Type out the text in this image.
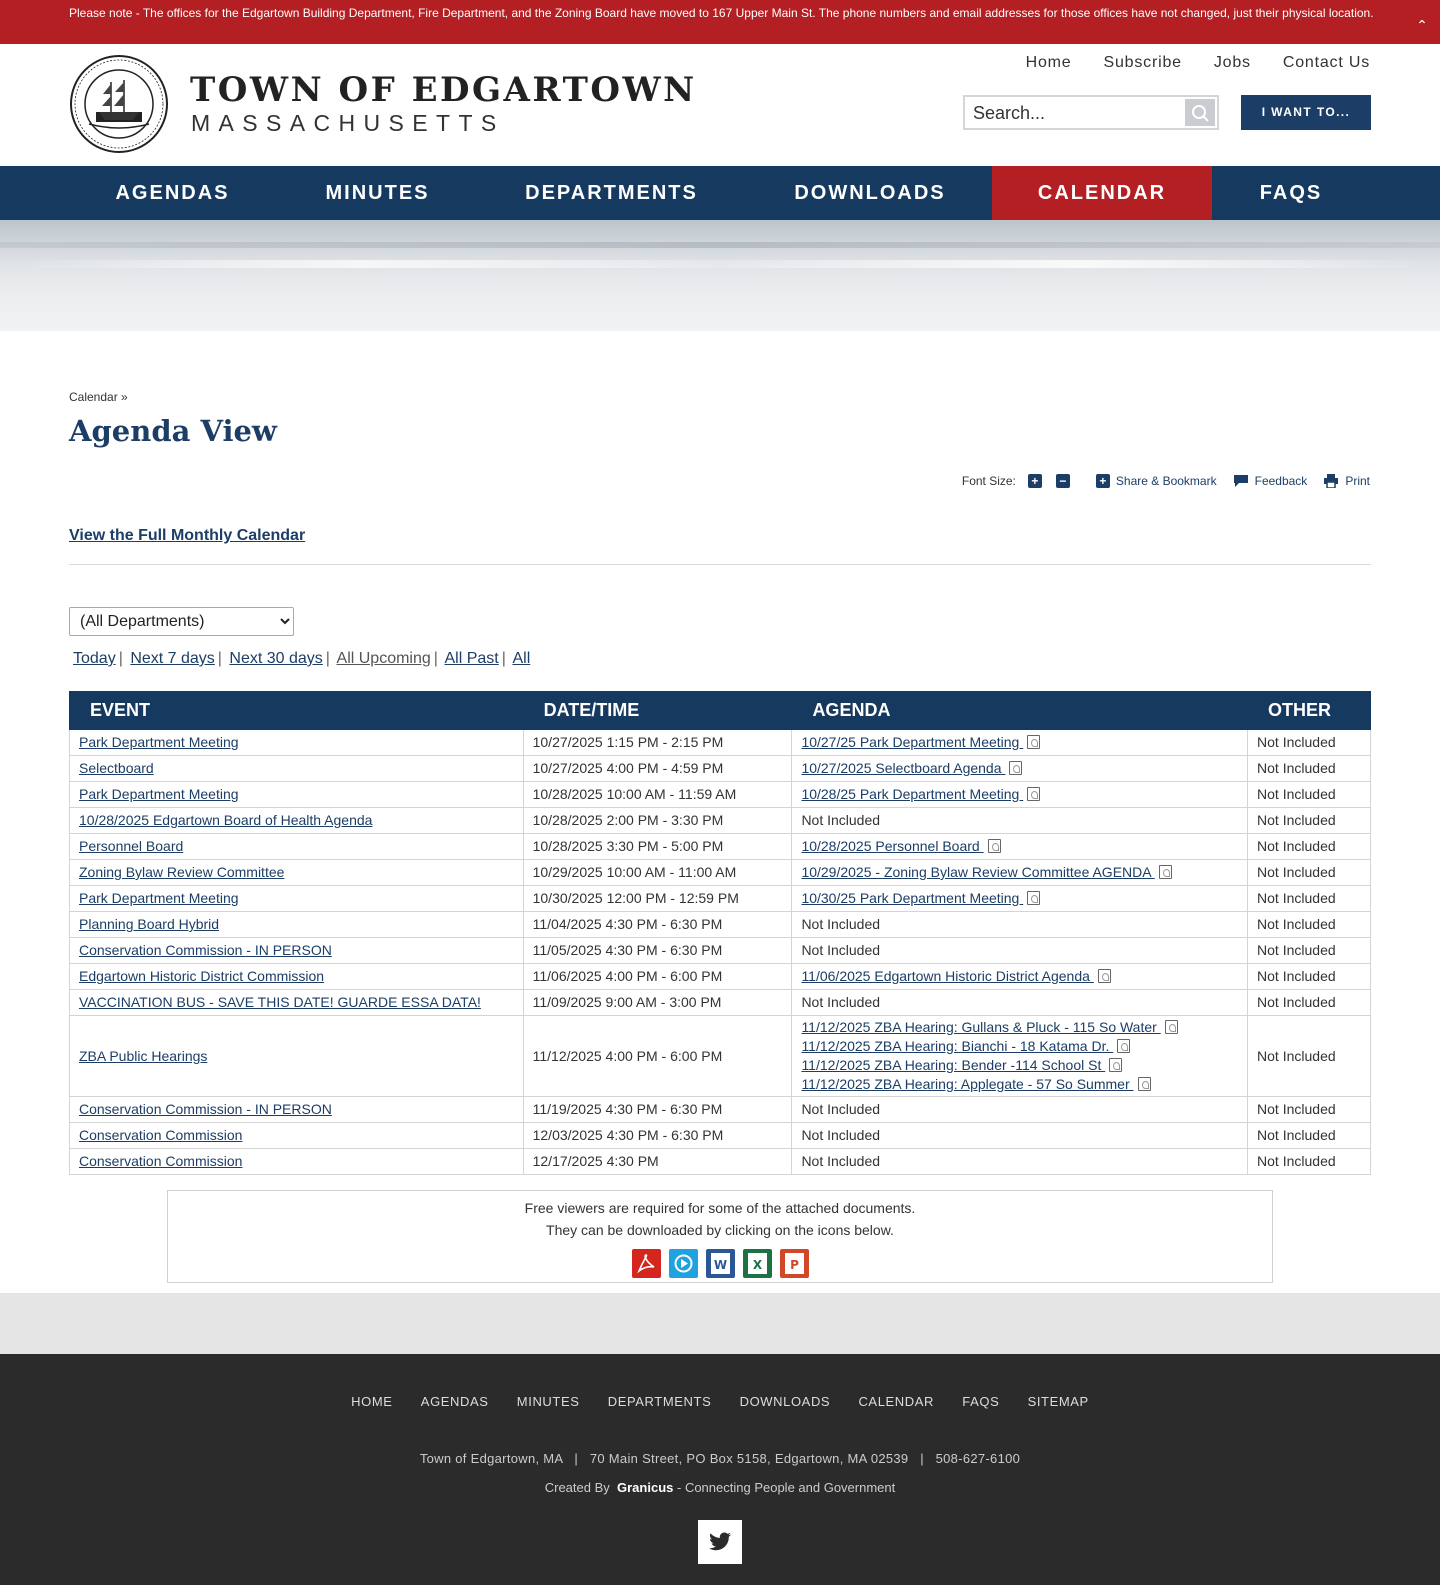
Please note - The offices for the Edgartown Building Department, Fire Department, and the Zoning Board have moved to 167 Upper Main St. The phone numbers and email addresses for those offices have not changed, just their physical location.
⌃
TOWN OF EDGARTOWN
MASSACHUSETTS
Home Subscribe Jobs Contact Us
Search...
I WANT TO...
AGENDAS	MINUTES	DEPARTMENTS	DOWNLOADS	CALENDAR	FAQS
Calendar »
Agenda View
Font Size: + −	+ Share & Bookmark	Feedback	Print
View the Full Monthly Calendar
(All Departments)
Today | Next 7 days | Next 30 days | All Upcoming | All Past | All
EVENT	DATE/TIME	AGENDA	OTHER
Park Department Meeting	10/27/2025 1:15 PM - 2:15 PM	10/27/25 Park Department Meeting	Not Included
Selectboard	10/27/2025 4:00 PM - 4:59 PM	10/27/2025 Selectboard Agenda	Not Included
Park Department Meeting	10/28/2025 10:00 AM - 11:59 AM	10/28/25 Park Department Meeting	Not Included
10/28/2025 Edgartown Board of Health Agenda	10/28/2025 2:00 PM - 3:30 PM	Not Included	Not Included
Personnel Board	10/28/2025 3:30 PM - 5:00 PM	10/28/2025 Personnel Board	Not Included
Zoning Bylaw Review Committee	10/29/2025 10:00 AM - 11:00 AM	10/29/2025 - Zoning Bylaw Review Committee AGENDA	Not Included
Park Department Meeting	10/30/2025 12:00 PM - 12:59 PM	10/30/25 Park Department Meeting	Not Included
Planning Board Hybrid	11/04/2025 4:30 PM - 6:30 PM	Not Included	Not Included
Conservation Commission - IN PERSON	11/05/2025 4:30 PM - 6:30 PM	Not Included	Not Included
Edgartown Historic District Commission	11/06/2025 4:00 PM - 6:00 PM	11/06/2025 Edgartown Historic District Agenda	Not Included
VACCINATION BUS - SAVE THIS DATE! GUARDE ESSA DATA!	11/09/2025 9:00 AM - 3:00 PM	Not Included	Not Included
ZBA Public Hearings	11/12/2025 4:00 PM - 6:00 PM	11/12/2025 ZBA Hearing: Gullans & Pluck - 115 So Water
11/12/2025 ZBA Hearing: Bianchi - 18 Katama Dr.
11/12/2025 ZBA Hearing: Bender -114 School St
11/12/2025 ZBA Hearing: Applegate - 57 So Summer	Not Included
Conservation Commission - IN PERSON	11/19/2025 4:30 PM - 6:30 PM	Not Included	Not Included
Conservation Commission	12/03/2025 4:30 PM - 6:30 PM	Not Included	Not Included
Conservation Commission	12/17/2025 4:30 PM	Not Included	Not Included

Free viewers are required for some of the attached documents.

They can be downloaded by clicking on the icons below.

W X P
HOME AGENDAS MINUTES DEPARTMENTS DOWNLOADS CALENDAR FAQS SITEMAP
Town of Edgartown, MA   |   70 Main Street, PO Box 5158, Edgartown, MA 02539   |   508-627-6100
Created By Granicus - Connecting People and Government
